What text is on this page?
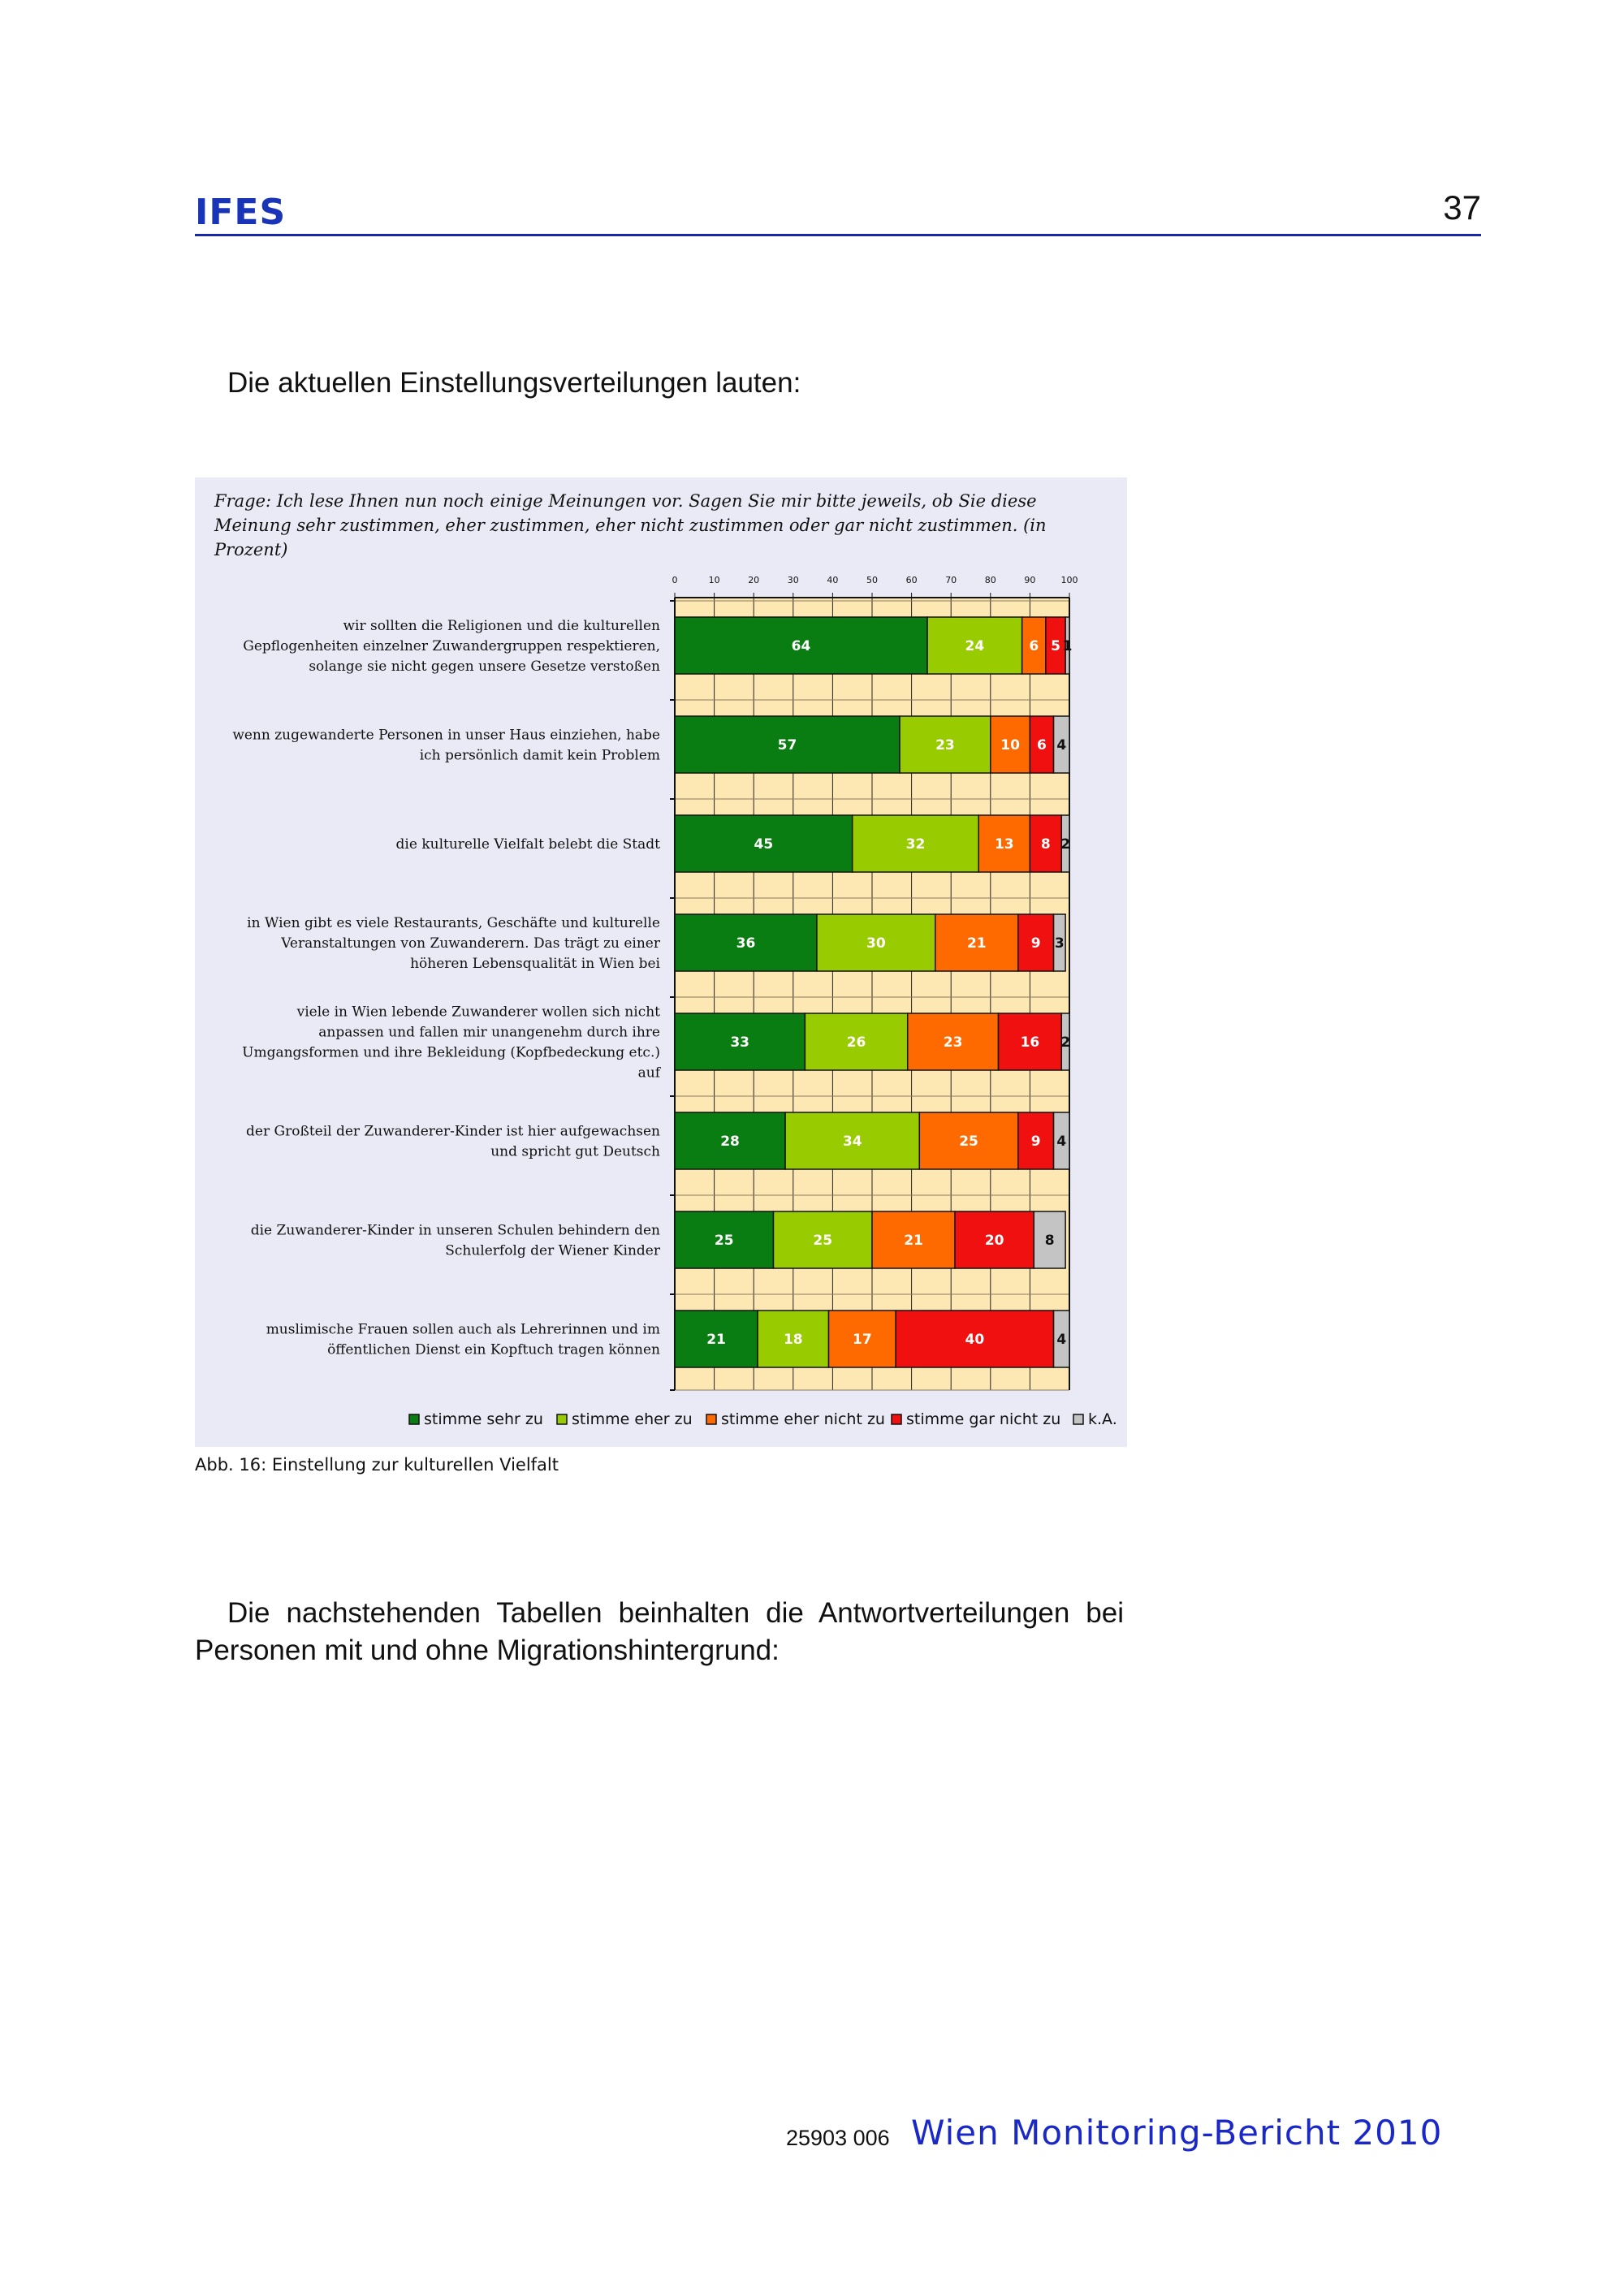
IFES	37
Die aktuellen Einstellungsverteilungen lauten:
Frage: Ich lese Ihnen nun noch einige Meinungen vor. Sagen Sie mir bitte jeweils, ob Sie diese Meinung sehr zustimmen, eher zustimmen, eher nicht zustimmen oder gar nicht zustimmen. (in Prozent)
0	10	20	30	40	50	60	70	80	90	100
64	24	6 5 1
wir sollten die Religionen und die kulturellen
Gepflogenheiten einzelner Zuwandergruppen respektieren,
solange sie nicht gegen unsere Gesetze verstoßen
57	23	10 6 4
wenn zugewanderte Personen in unser Haus einziehen, habe
ich persönlich damit kein Problem
45	32	13 8 2
die kulturelle Vielfalt belebt die Stadt
36	30	21	9 3
in Wien gibt es viele Restaurants, Geschäfte und kulturelle
Veranstaltungen von Zuwanderern. Das trägt zu einer
höheren Lebensqualität in Wien bei
33	26	23	16 2
viele in Wien lebende Zuwanderer wollen sich nicht
anpassen und fallen mir unangenehm durch ihre
Umgangsformen und ihre Bekleidung (Kopfbedeckung etc.)
auf
28	34	25	9 4
der Großteil der Zuwanderer-Kinder ist hier aufgewachsen
und spricht gut Deutsch
25	25	21	20	8
die Zuwanderer-Kinder in unseren Schulen behindern den
Schulerfolg der Wiener Kinder
21	18	17	40	4
muslimische Frauen sollen auch als Lehrerinnen und im
öffentlichen Dienst ein Kopftuch tragen können
stimme sehr zu stimme eher zu stimme eher nicht zu stimme gar nicht zu k.A.
Abb. 16: Einstellung zur kulturellen Vielfalt
Die nachstehenden Tabellen beinhalten die Antwortverteilungen bei Personen mit und ohne Migrationshintergrund:
25903 006 Wien Monitoring-Bericht 2010
